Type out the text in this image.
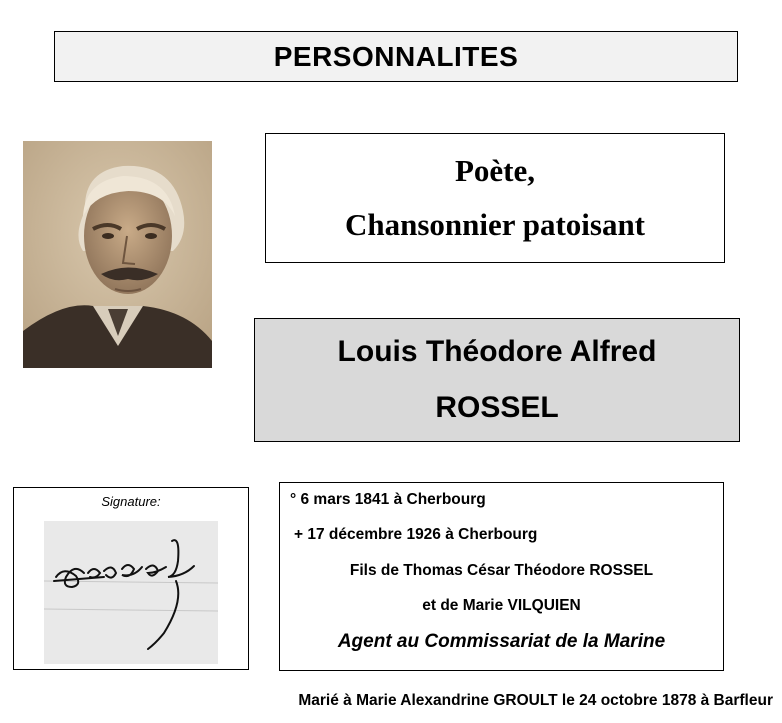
PERSONNALITES
Poète,
Chansonnier patoisant
Louis Théodore Alfred
ROSSEL
Signature:	° 6 mars 1841 à Cherbourg
+ 17 décembre 1926 à Cherbourg
Fils de Thomas César Théodore ROSSEL
et de Marie VILQUIEN
Agent au Commissariat de la Marine
Marié à Marie Alexandrine GROULT le 24 octobre 1878 à Barfleur
